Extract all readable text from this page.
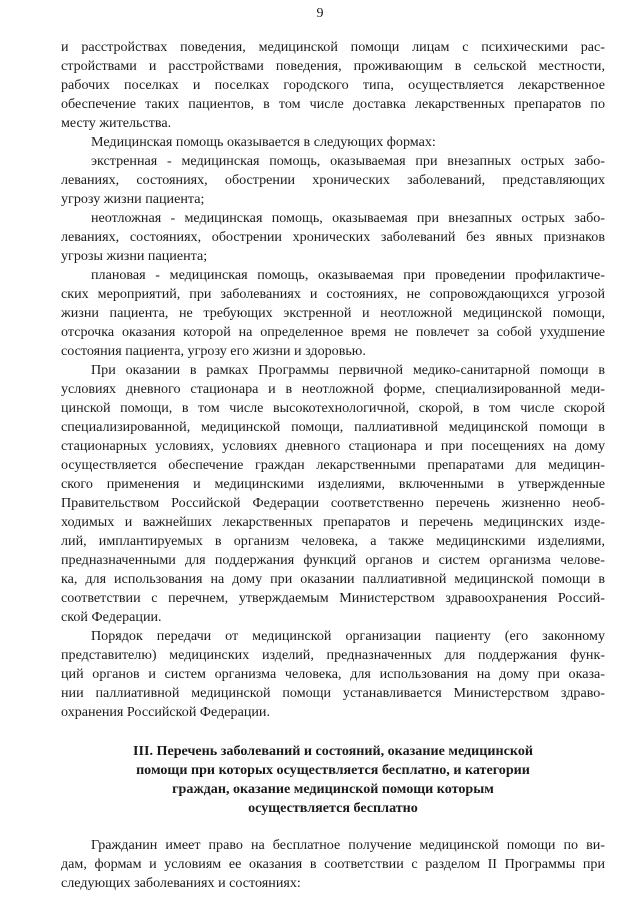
9
и расстройствах поведения, медицинской помощи лицам с психическими рас-
стройствами и расстройствами поведения, проживающим в сельской местности,
рабочих поселках и поселках городского типа, осуществляется лекарственное
обеспечение таких пациентов, в том числе доставка лекарственных препаратов по
месту жительства.
Медицинская помощь оказывается в следующих формах:
экстренная - медицинская помощь, оказываемая при внезапных острых забо-
леваниях, состояниях, обострении хронических заболеваний, представляющих
угрозу жизни пациента;
неотложная - медицинская помощь, оказываемая при внезапных острых забо-
леваниях, состояниях, обострении хронических заболеваний без явных признаков
угрозы жизни пациента;
плановая - медицинская помощь, оказываемая при проведении профилактиче-
ских мероприятий, при заболеваниях и состояниях, не сопровождающихся угрозой
жизни пациента, не требующих экстренной и неотложной медицинской помощи,
отсрочка оказания которой на определенное время не повлечет за собой ухудшение
состояния пациента, угрозу его жизни и здоровью.
При оказании в рамках Программы первичной медико-санитарной помощи в
условиях дневного стационара и в неотложной форме, специализированной меди-
цинской помощи, в том числе высокотехнологичной, скорой, в том числе скорой
специализированной, медицинской помощи, паллиативной медицинской помощи в
стационарных условиях, условиях дневного стационара и при посещениях на дому
осуществляется обеспечение граждан лекарственными препаратами для медицин-
ского применения и медицинскими изделиями, включенными в утвержденные
Правительством Российской Федерации соответственно перечень жизненно необ-
ходимых и важнейших лекарственных препаратов и перечень медицинских изде-
лий, имплантируемых в организм человека, а также медицинскими изделиями,
предназначенными для поддержания функций органов и систем организма челове-
ка, для использования на дому при оказании паллиативной медицинской помощи в
соответствии с перечнем, утверждаемым Министерством здравоохранения Россий-
ской Федерации.
Порядок передачи от медицинской организации пациенту (его законному
представителю) медицинских изделий, предназначенных для поддержания функ-
ций органов и систем организма человека, для использования на дому при оказа-
нии паллиативной медицинской помощи устанавливается Министерством здраво-
охранения Российской Федерации.
III. Перечень заболеваний и состояний, оказание медицинской
помощи при которых осуществляется бесплатно, и категории
граждан, оказание медицинской помощи которым
осуществляется бесплатно
Гражданин имеет право на бесплатное получение медицинской помощи по ви-
дам, формам и условиям ее оказания в соответствии с разделом II Программы при
следующих заболеваниях и состояниях:
